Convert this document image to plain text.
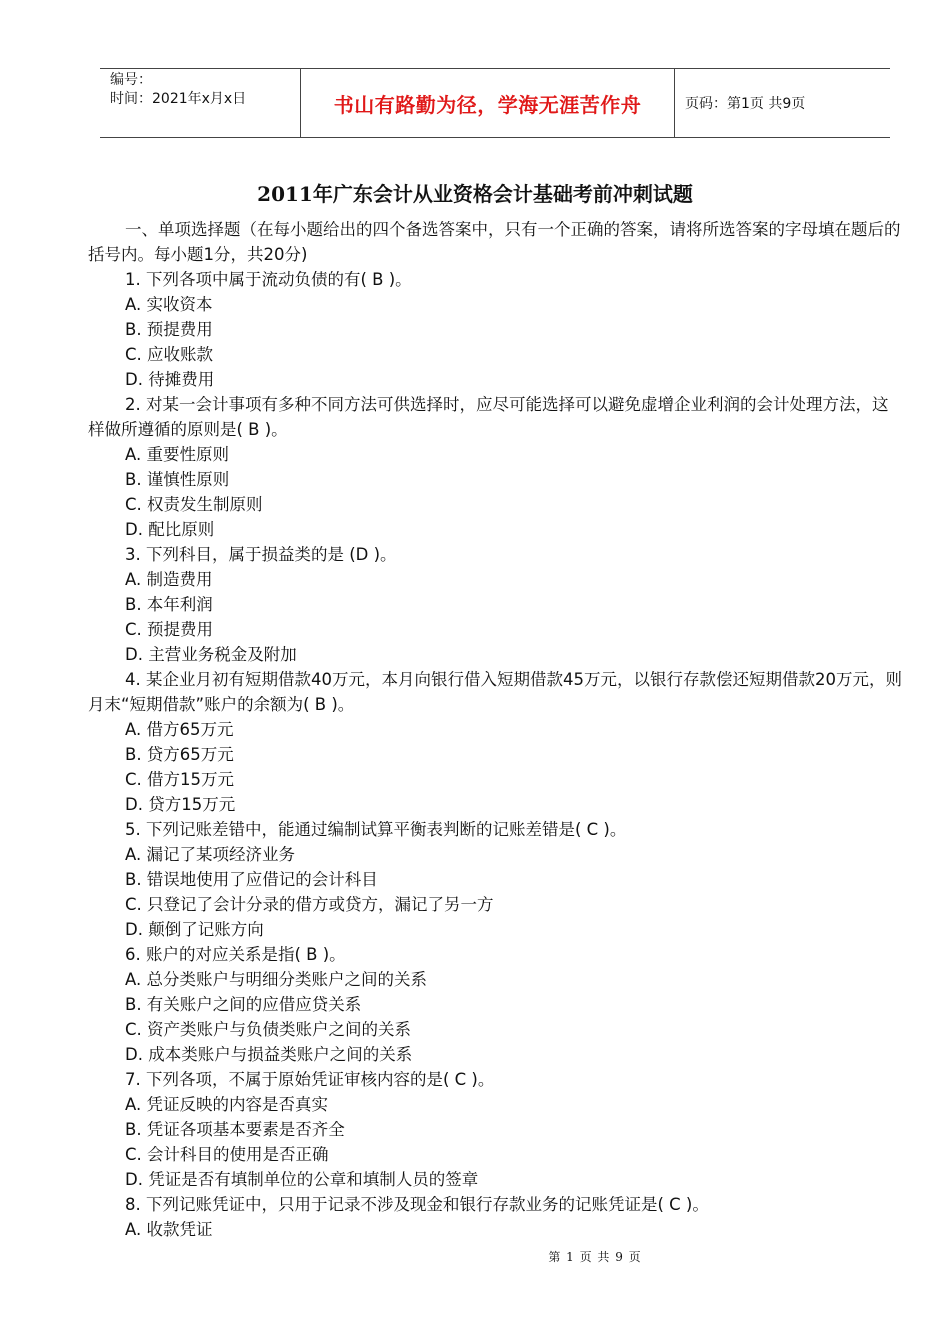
编号：
时间：2021年x月x日	书山有路勤为径，学海无涯苦作舟	页码：第1页 共9页
2011年广东会计从业资格会计基础考前冲刺试题

一、单项选择题（在每小题给出的四个备选答案中，只有一个正确的答案，请将所选答案的字母填在题后的括号内。每小题1分，共20分)

1. 下列各项中属于流动负债的有( B )。

A. 实收资本

B. 预提费用

C. 应收账款

D. 待摊费用

2. 对某一会计事项有多种不同方法可供选择时，应尽可能选择可以避免虚增企业利润的会计处理方法，这样做所遵循的原则是( B )。

A. 重要性原则

B. 谨慎性原则

C. 权责发生制原则

D. 配比原则

3. 下列科目，属于损益类的是 (D )。

A. 制造费用

B. 本年利润

C. 预提费用

D. 主营业务税金及附加

4. 某企业月初有短期借款40万元，本月向银行借入短期借款45万元，以银行存款偿还短期借款20万元，则月末“短期借款”账户的余额为( B )。

A. 借方65万元

B. 贷方65万元

C. 借方15万元

D. 贷方15万元

5. 下列记账差错中，能通过编制试算平衡表判断的记账差错是( C )。

A. 漏记了某项经济业务

B. 错误地使用了应借记的会计科目

C. 只登记了会计分录的借方或贷方，漏记了另一方

D. 颠倒了记账方向

6. 账户的对应关系是指( B )。

A. 总分类账户与明细分类账户之间的关系

B. 有关账户之间的应借应贷关系

C. 资产类账户与负债类账户之间的关系

D. 成本类账户与损益类账户之间的关系

7. 下列各项，不属于原始凭证审核内容的是( C )。

A. 凭证反映的内容是否真实

B. 凭证各项基本要素是否齐全

C. 会计科目的使用是否正确

D. 凭证是否有填制单位的公章和填制人员的签章

8. 下列记账凭证中，只用于记录不涉及现金和银行存款业务的记账凭证是( C )。

A. 收款凭证

第 1 页 共 9 页
